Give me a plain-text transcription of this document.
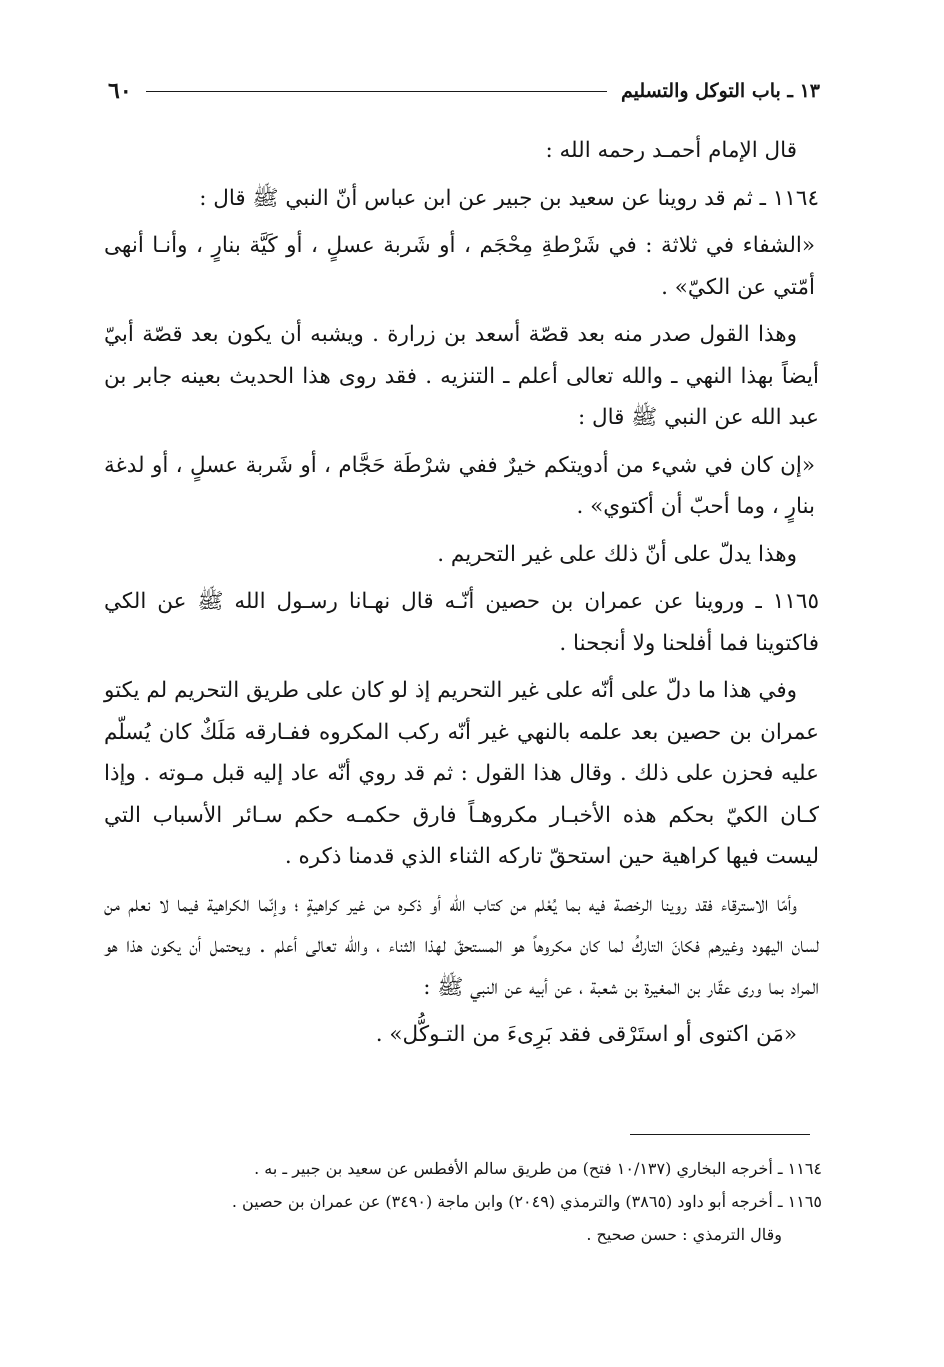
١٣ ـ باب التوكل والتسليم
٦٠

قال الإمام أحمـد رحمه الله :

١١٦٤ ـ ثم قد روينا عن سعيد بن جبير عن ابن عباس أنّ النبي ﷺ قال :

«الشفاء في ثلاثة : في شَرْطةِ مِحْجَم ، أو شَربة عسلٍ ، أو كَيَّة بنارٍ ، وأنـا أنهى أمّتي عن الكيّ» .

وهذا القول صدر منه بعد قصّة أسعد بن زرارة . ويشبه أن يكون بعد قصّة أبيّ أيضاً بهذا النهي ـ والله تعالى أعلم ـ التنزيه . فقد روى هذا الحديث بعينه جابر بن عبد الله عن النبي ﷺ قال :

«إن كان في شيء من أدويتكم خيرٌ ففي شرْطَة حَجَّام ، أو شَربة عسلٍ ، أو لدغة بنارٍ ، وما أحبّ أن أكتوي» .

وهذا يدلّ على أنّ ذلك على غير التحريم .

١١٦٥ ـ وروينا عن عمران بن حصين أنّـه قال نهـانا رسـول الله ﷺ عن الكي فاكتوينا فما أفلحنا ولا أنجحنا .

وفي هذا ما دلّ على أنّه على غير التحريم إذ لو كان على طريق التحريم لم يكتو عمران بن حصين بعد علمه بالنهي غير أنّه ركب المكروه ففـارقه مَلَكٌ كان يُسلّم عليه فحزن على ذلك . وقال هذا القول : ثم قد روي أنّه عاد إليه قبل مـوته . وإذا كـان الكيّ بحكم هذه الأخبـار مكروهـاً فارق حكمـه حكم سـائر الأسباب التي ليست فيها كراهية حين استحقّ تاركه الثناء الذي قدمنا ذكره .

وأمّا الاسترقاء فقد روينا الرخصة فيه بما يُعْلم من كتاب الله أو ذكـره من غير كراهيةٍ ؛ وإنّما الكراهية فيما لا نعلم من لسان اليهود وغيرهم فكانَ التاركُ لما كان مكروهاً هو المستحقّ لهذا الثناء ، والله تعالى أعلم . ويحتمل أن يكون هذا هو المراد بما ورى عقّار بن المغيرة بن شعبة ، عن أبيه عن النبي ﷺ :

«مَن اكتوى أو استَرْقى فقد بَرِىءَ من التـوكُّل» .

١١٦٤ ـ أخرجه البخاري (١٠/١٣٧ فتح) من طريق سالم الأفطس عن سعيد بن جبير ـ به .

١١٦٥ ـ أخرجه أبو داود (٣٨٦٥) والترمذي (٢٠٤٩) وابن ماجة (٣٤٩٠) عن عمران بن حصين .

وقال الترمذي : حسن صحيح .
